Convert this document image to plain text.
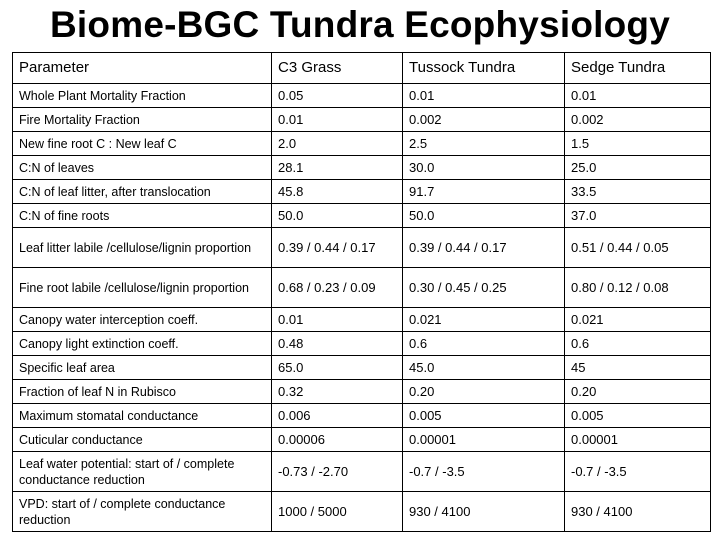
Biome-BGC Tundra Ecophysiology
Parameter	C3 Grass	Tussock Tundra	Sedge Tundra
Whole Plant Mortality Fraction	0.05	0.01	0.01
Fire Mortality Fraction	0.01	0.002	0.002
New fine root C : New leaf C	2.0	2.5	1.5
C:N of leaves	28.1	30.0	25.0
C:N of leaf litter, after translocation	45.8	91.7	33.5
C:N of fine roots	50.0	50.0	37.0
Leaf litter labile /cellulose/lignin proportion	0.39 / 0.44 / 0.17	0.39 / 0.44 / 0.17	0.51 / 0.44 / 0.05
Fine root labile /cellulose/lignin proportion	0.68 / 0.23 / 0.09	0.30 / 0.45 / 0.25	0.80 / 0.12 / 0.08
Canopy water interception coeff.	0.01	0.021	0.021
Canopy light extinction coeff.	0.48	0.6	0.6
Specific leaf area	65.0	45.0	45
Fraction of leaf N in Rubisco	0.32	0.20	0.20
Maximum stomatal conductance	0.006	0.005	0.005
Cuticular conductance	0.00006	0.00001	0.00001
Leaf water potential: start of / complete conductance reduction	-0.73 / -2.70	-0.7 / -3.5	-0.7 / -3.5
VPD: start of / complete conductance reduction	1000 / 5000	930 / 4100	930 / 4100
